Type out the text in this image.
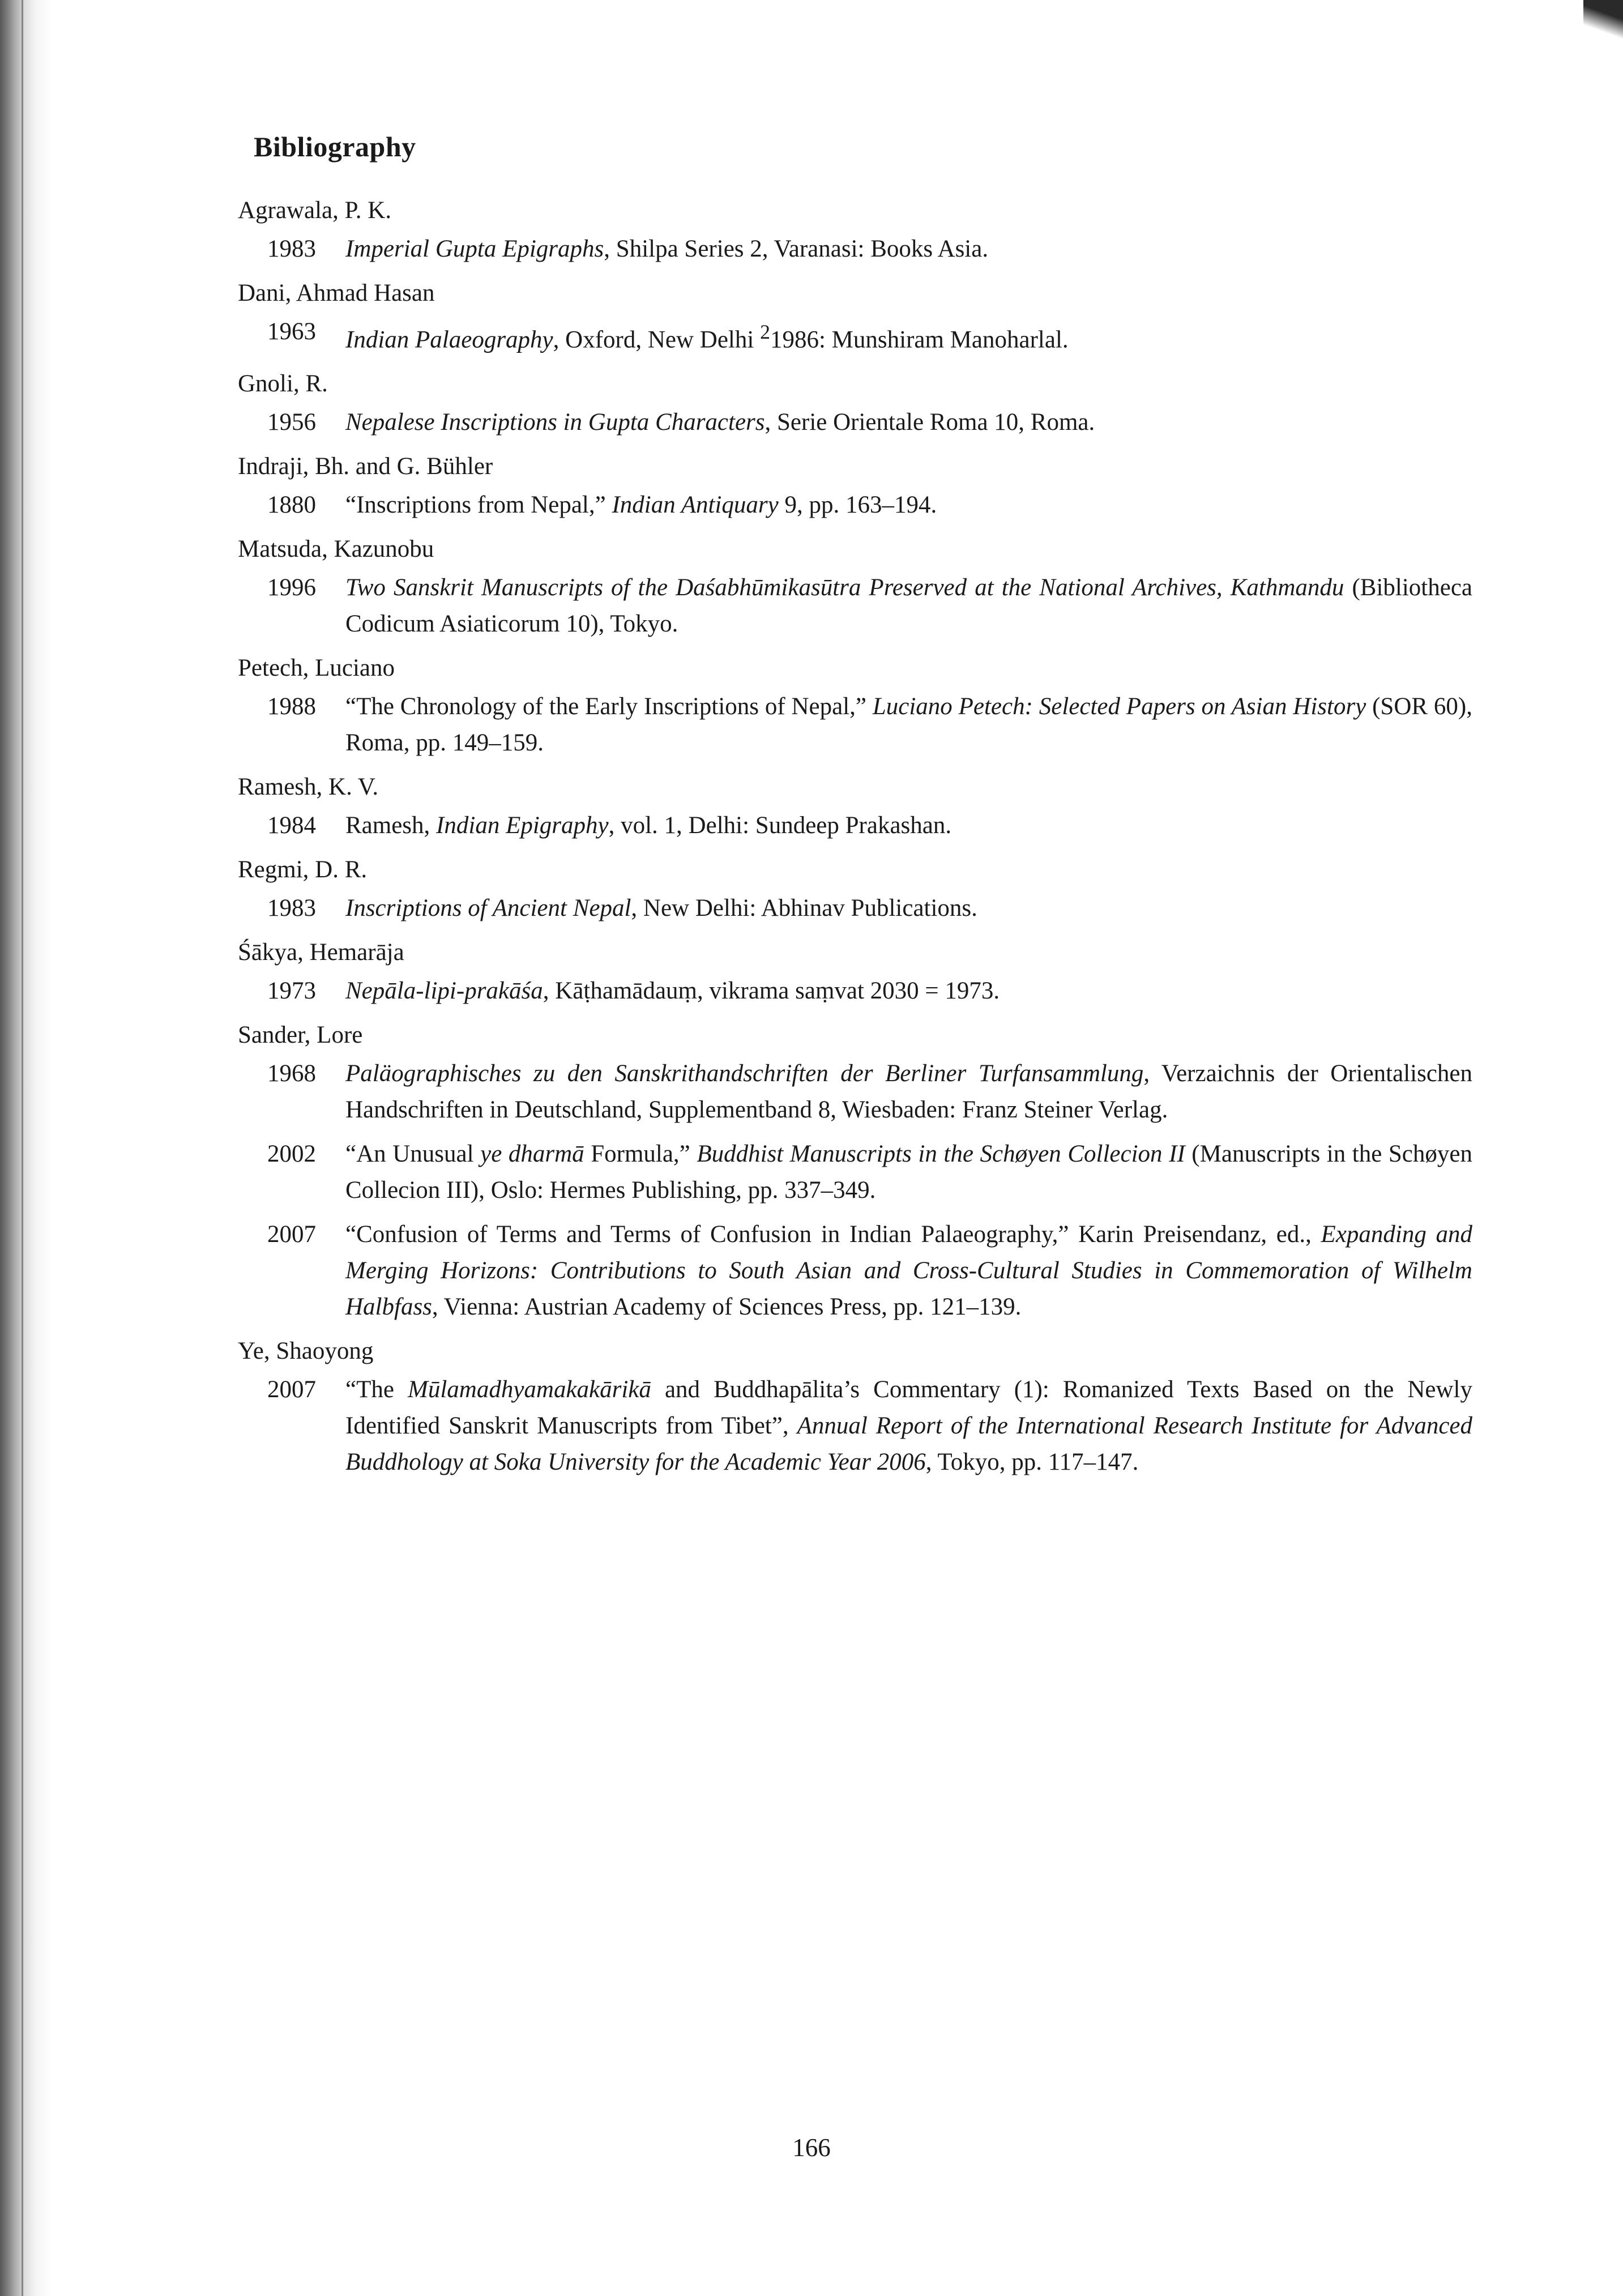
Bibliography

Agrawala, P. K.

1983	Imperial Gupta Epigraphs, Shilpa Series 2, Varanasi: Books Asia.

Dani, Ahmad Hasan

1963	Indian Palaeography, Oxford, New Delhi $^2$1986: Munshiram Manoharlal.

Gnoli, R.

1956	Nepalese Inscriptions in Gupta Characters, Serie Orientale Roma 10, Roma.

Indraji, Bh. and G. Bühler

1880	“Inscriptions from Nepal,” Indian Antiquary 9, pp. 163–194.

Matsuda, Kazunobu

1996	Two Sanskrit Manuscripts of the Daśabhūmikasūtra Preserved at the National Archives, Kathmandu (Bibliotheca Codicum Asiaticorum 10), Tokyo.

Petech, Luciano

1988	“The Chronology of the Early Inscriptions of Nepal,” Luciano Petech: Selected Papers on Asian History (SOR 60), Roma, pp. 149–159.

Ramesh, K. V.

1984	Ramesh, Indian Epigraphy, vol. 1, Delhi: Sundeep Prakashan.

Regmi, D. R.

1983	Inscriptions of Ancient Nepal, New Delhi: Abhinav Publications.

Śākya, Hemarāja

1973	Nepāla-lipi-prakāśa, Kāṭhamādauṃ, vikrama saṃvat 2030 = 1973.

Sander, Lore

1968	Paläographisches zu den Sanskrithandschriften der Berliner Turfansammlung, Verzaichnis der Orientalischen Handschriften in Deutschland, Supplementband 8, Wiesbaden: Franz Steiner Verlag.
2002	“An Unusual ye dharmā Formula,” Buddhist Manuscripts in the Schøyen Collecion II (Manuscripts in the Schøyen Collecion III), Oslo: Hermes Publishing, pp. 337–349.
2007	“Confusion of Terms and Terms of Confusion in Indian Palaeography,” Karin Preisendanz, ed., Expanding and Merging Horizons: Contributions to South Asian and Cross-Cultural Studies in Commemoration of Wilhelm Halbfass, Vienna: Austrian Academy of Sciences Press, pp. 121–139.

Ye, Shaoyong

2007	“The Mūlamadhyamakakārikā and Buddhapālita’s Commentary (1): Romanized Texts Based on the Newly Identified Sanskrit Manuscripts from Tibet”, Annual Report of the International Research Institute for Advanced Buddhology at Soka University for the Academic Year 2006, Tokyo, pp. 117–147.
166
